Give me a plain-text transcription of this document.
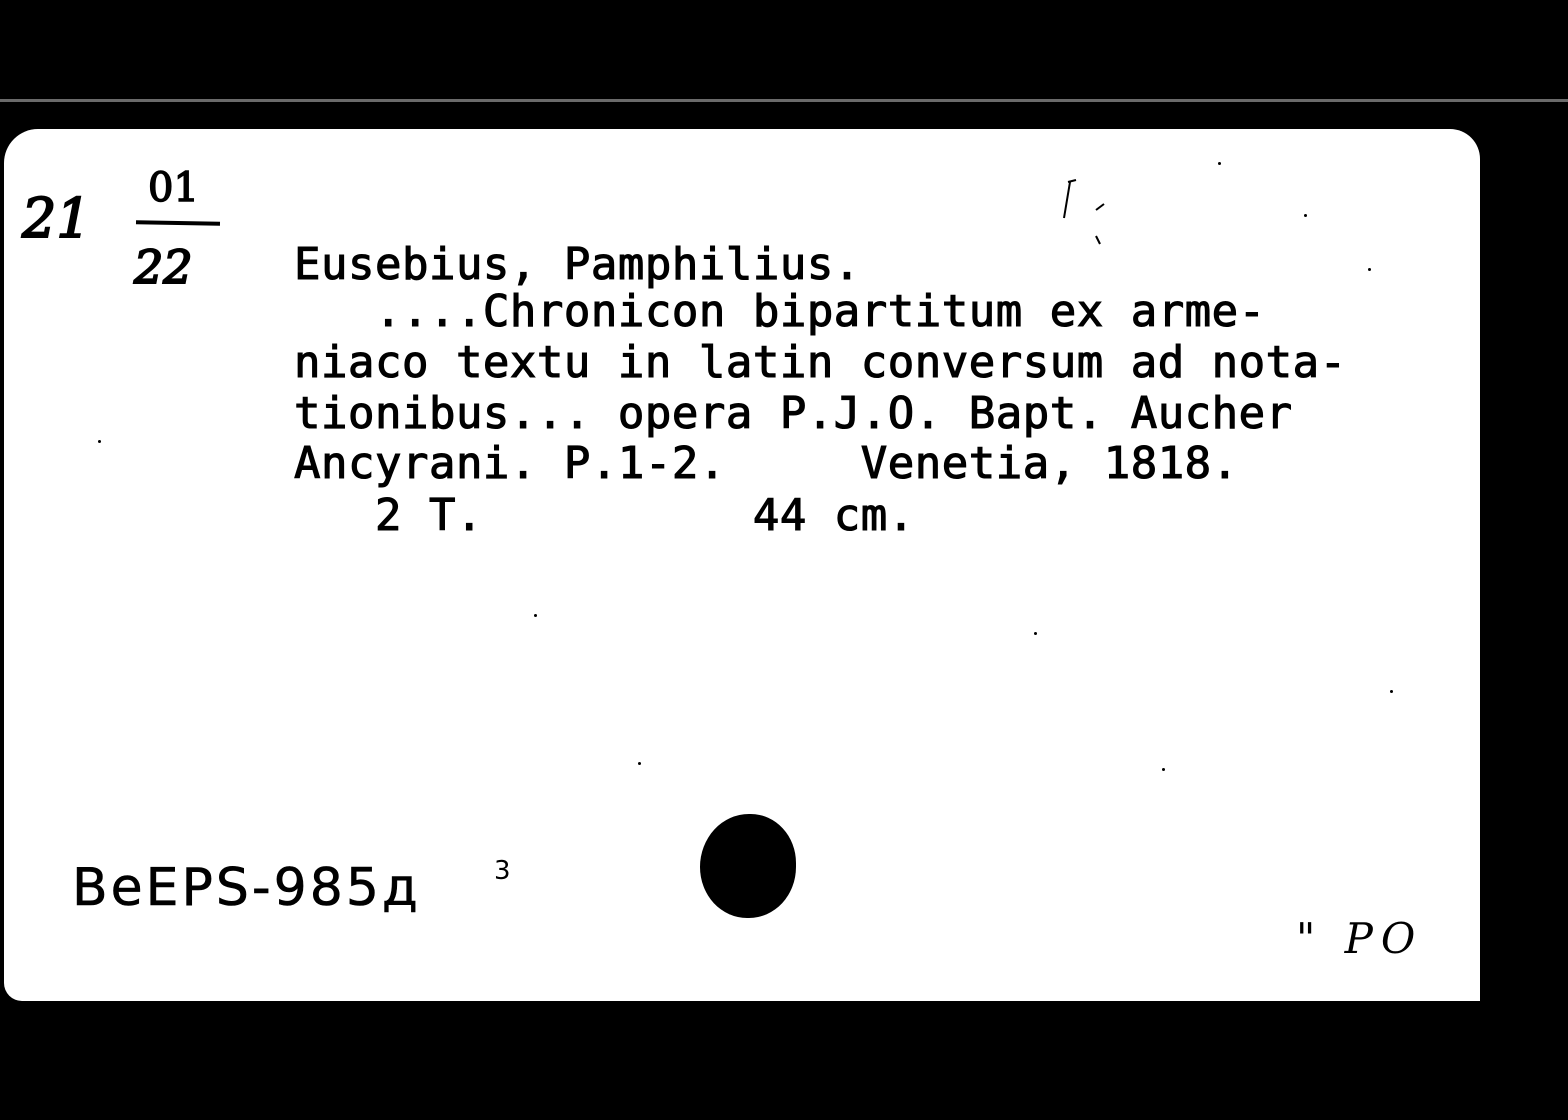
21 01
22 Eusebius, Pamphilius.
....Chronicon bipartitum ex arme-
niaco textu in latin conversum ad nota-
tionibus... opera P.J.O. Bapt. Aucher
Ancyrani. P.1-2.     Venetia, 1818.
2 T.          44 cm.
BeEPS-985д	3
" РО
